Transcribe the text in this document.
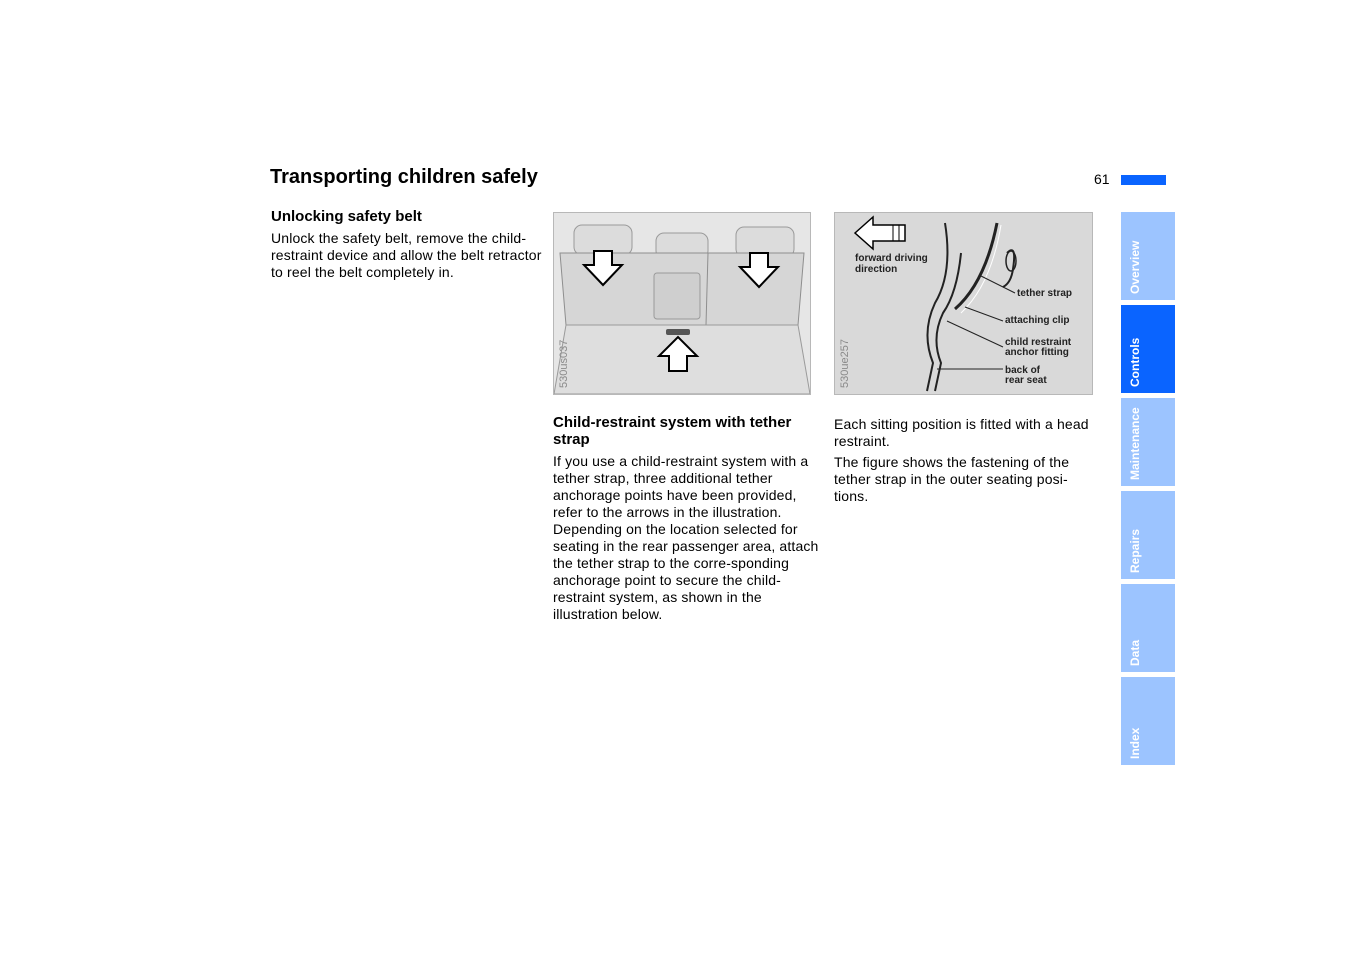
Transporting children safely	61
Unlocking safety belt

Unlock the safety belt, remove the child-restraint device and allow the belt retractor to reel the belt completely in.

530us037
forward driving
direction
tether strap
attaching clip
child restraint
anchor fitting
back of
rear seat
530ue257
Child-restraint system with tether strap

If you use a child-restraint system with a tether strap, three additional tether anchorage points have been provided, refer to the arrows in the illustration. Depending on the location selected for seating in the rear passenger area, attach the tether strap to the corre-sponding anchorage point to secure the child-restraint system, as shown in the illustration below.

Each sitting position is fitted with a head restraint.

The figure shows the fastening of the tether strap in the outer seating posi-tions.

Overview
Controls
Maintenance
Repairs
Data
Index
